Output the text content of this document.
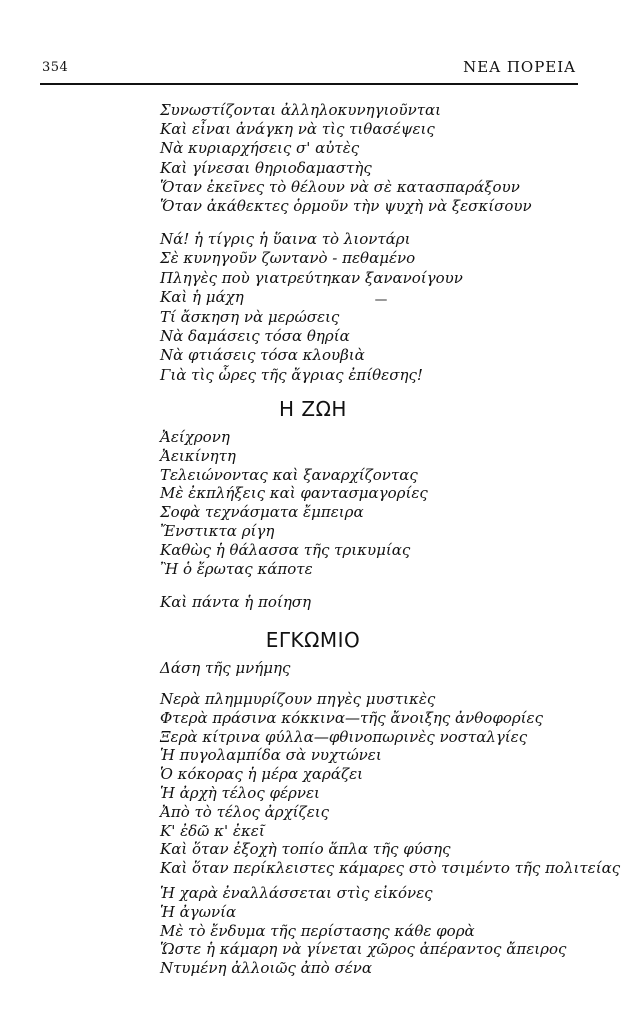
354	ΝΕΑ ΠΟΡΕΙΑ
Συνωστίζονται ἀλληλοκυνηγιοῦνται
Καὶ εἶναι ἀνάγκη νὰ τὶς τιθασέψεις
Νὰ κυριαρχήσεις σ' αὐτὲς
Καὶ γίνεσαι θηριοδαμαστὴς
Ὅταν ἐκεῖνες τὸ θέλουν νὰ σὲ κατασπαράξουν
Ὅταν ἀκάθεκτες ὁρμοῦν τὴν ψυχὴ νὰ ξεσκίσουν
Νά! ἡ τίγρις ἡ ὕαινα τὸ λιοντάρι
Σὲ κυνηγοῦν ζωντανὸ - πεθαμένο
Πληγὲς ποὺ γιατρεύτηκαν ξανανοίγουν
Καὶ ἡ μάχη
Τί ἄσκηση νὰ μερώσεις
Νὰ δαμάσεις τόσα θηρία
Νὰ φτιάσεις τόσα κλουβιὰ
Γιὰ τὶς ὧρες τῆς ἄγριας ἐπίθεσης!
Η ΖΩΗ
Ἀείχρονη
Ἀεικίνητη
Τελειώνοντας καὶ ξαναρχίζοντας
Μὲ ἐκπλήξεις καὶ φαντασμαγορίες
Σοφὰ τεχνάσματα ἔμπειρα
Ἔνστικτα ρίγη
Καθὼς ἡ θάλασσα τῆς τρικυμίας
Ἢ ὁ ἔρωτας κάποτε
Καὶ πάντα ἡ ποίηση
ΕΓΚΩΜΙΟ
Δάση τῆς μνήμης
Νερὰ πλημμυρίζουν πηγὲς μυστικὲς
Φτερὰ πράσινα κόκκινα—τῆς ἄνοιξης ἀνθοφορίες
Ξερὰ κίτρινα φύλλα—φθινοπωρινὲς νοσταλγίες
Ἡ πυγολαμπίδα σὰ νυχτώνει
Ὁ κόκορας ἡ μέρα χαράζει
Ἡ ἀρχὴ τέλος φέρνει
Ἀπὸ τὸ τέλος ἀρχίζεις
Κ' ἐδῶ κ' ἐκεῖ
Καὶ ὅταν ἐξοχὴ τοπίο ἅπλα τῆς φύσης
Καὶ ὅταν περίκλειστες κάμαρες στὸ τσιμέντο τῆς πολιτείας
Ἡ χαρὰ ἐναλλάσσεται στὶς εἰκόνες
Ἡ ἀγωνία
Μὲ τὸ ἔνδυμα τῆς περίστασης κάθε φορὰ
Ὥστε ἡ κάμαρη νὰ γίνεται χῶρος ἀπέραντος ἄπειρος
Ντυμένη ἀλλοιῶς ἀπὸ σένα
